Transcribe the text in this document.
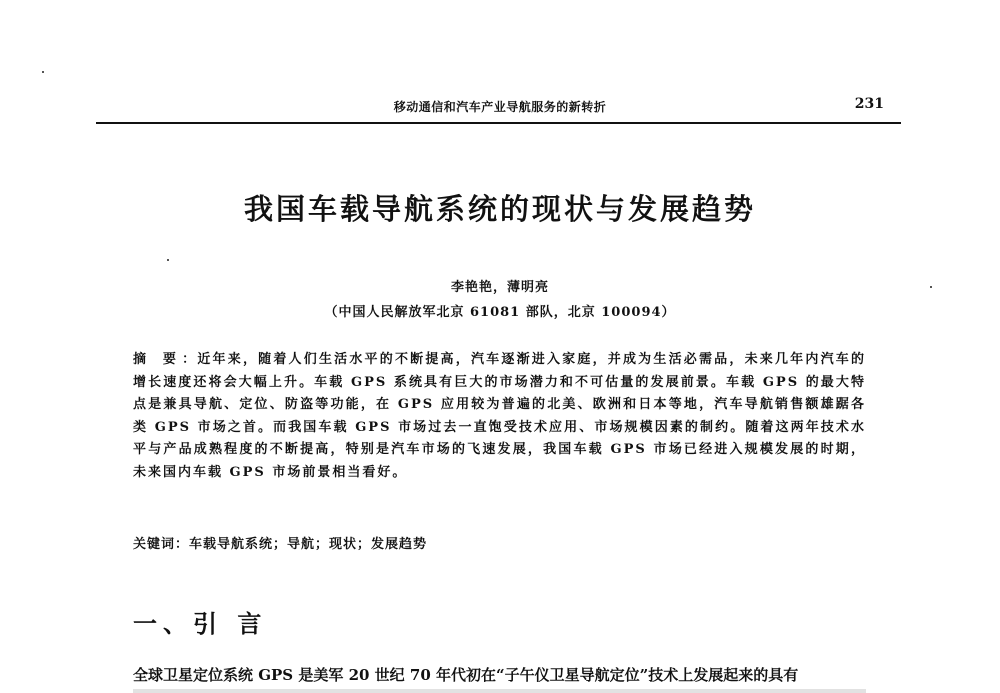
移动通信和汽车产业导航服务的新转折	231
我国车载导航系统的现状与发展趋势
李艳艳，薄明亮
（中国人民解放军北京 61081 部队，北京 100094）
摘 要：近年来，随着人们生活水平的不断提高，汽车逐渐进入家庭，并成为生活必需品，未来几年内汽车的增长速度还将会大幅上升。车载 GPS 系统具有巨大的市场潜力和不可估量的发展前景。车载 GPS 的最大特点是兼具导航、定位、防盗等功能，在 GPS 应用较为普遍的北美、欧洲和日本等地，汽车导航销售额雄踞各类 GPS 市场之首。而我国车载 GPS 市场过去一直饱受技术应用、市场规模因素的制约。随着这两年技术水平与产品成熟程度的不断提高，特别是汽车市场的飞速发展，我国车载 GPS 市场已经进入规模发展的时期，未来国内车载 GPS 市场前景相当看好。
关键词：车载导航系统；导航；现状；发展趋势
一、引 言
全球卫星定位系统 GPS 是美军 20 世纪 70 年代初在“子午仪卫星导航定位”技术上发展起来的具有
